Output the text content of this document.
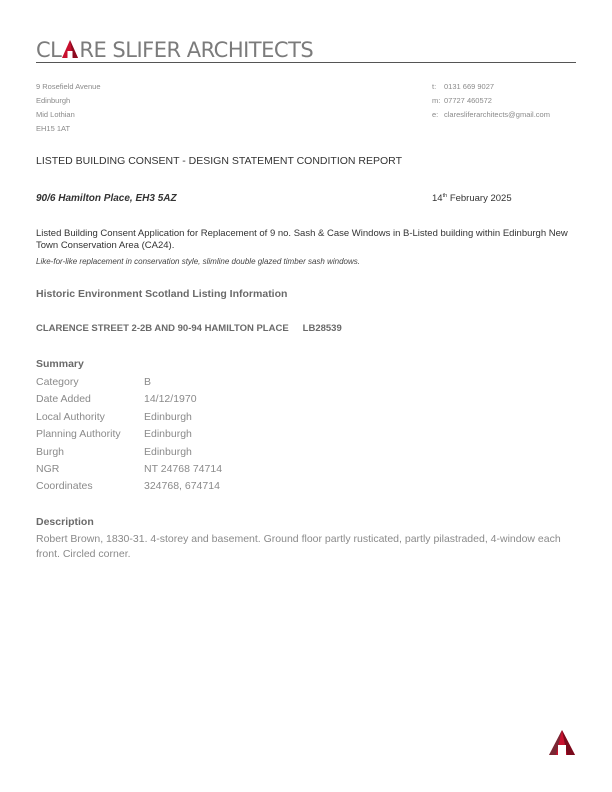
CL RE SLIFER ARCHITECTS
9 Rosefield Avenue
Edinburgh
Mid Lothian
EH15 1AT
t: 0131 669 9027
m: 07727 460572
e: claresliferarchitects@gmail.com
LISTED BUILDING CONSENT - DESIGN STATEMENT CONDITION REPORT
90/6 Hamilton Place, EH3 5AZ	14th February 2025
Listed Building Consent Application for Replacement of 9 no. Sash & Case Windows in B-Listed building within Edinburgh New Town Conservation Area (CA24).
Like-for-like replacement in conservation style, slimline double glazed timber sash windows.
Historic Environment Scotland Listing Information
CLARENCE STREET 2-2B AND 90-94 HAMILTON PLACE LB28539
Summary
Category	B
Date Added	14/12/1970
Local Authority	Edinburgh
Planning Authority	Edinburgh
Burgh	Edinburgh
NGR	NT 24768 74714
Coordinates	324768, 674714
Description
Robert Brown, 1830-31. 4-storey and basement. Ground floor partly rusticated, partly pilastraded, 4-window each front. Circled corner.
